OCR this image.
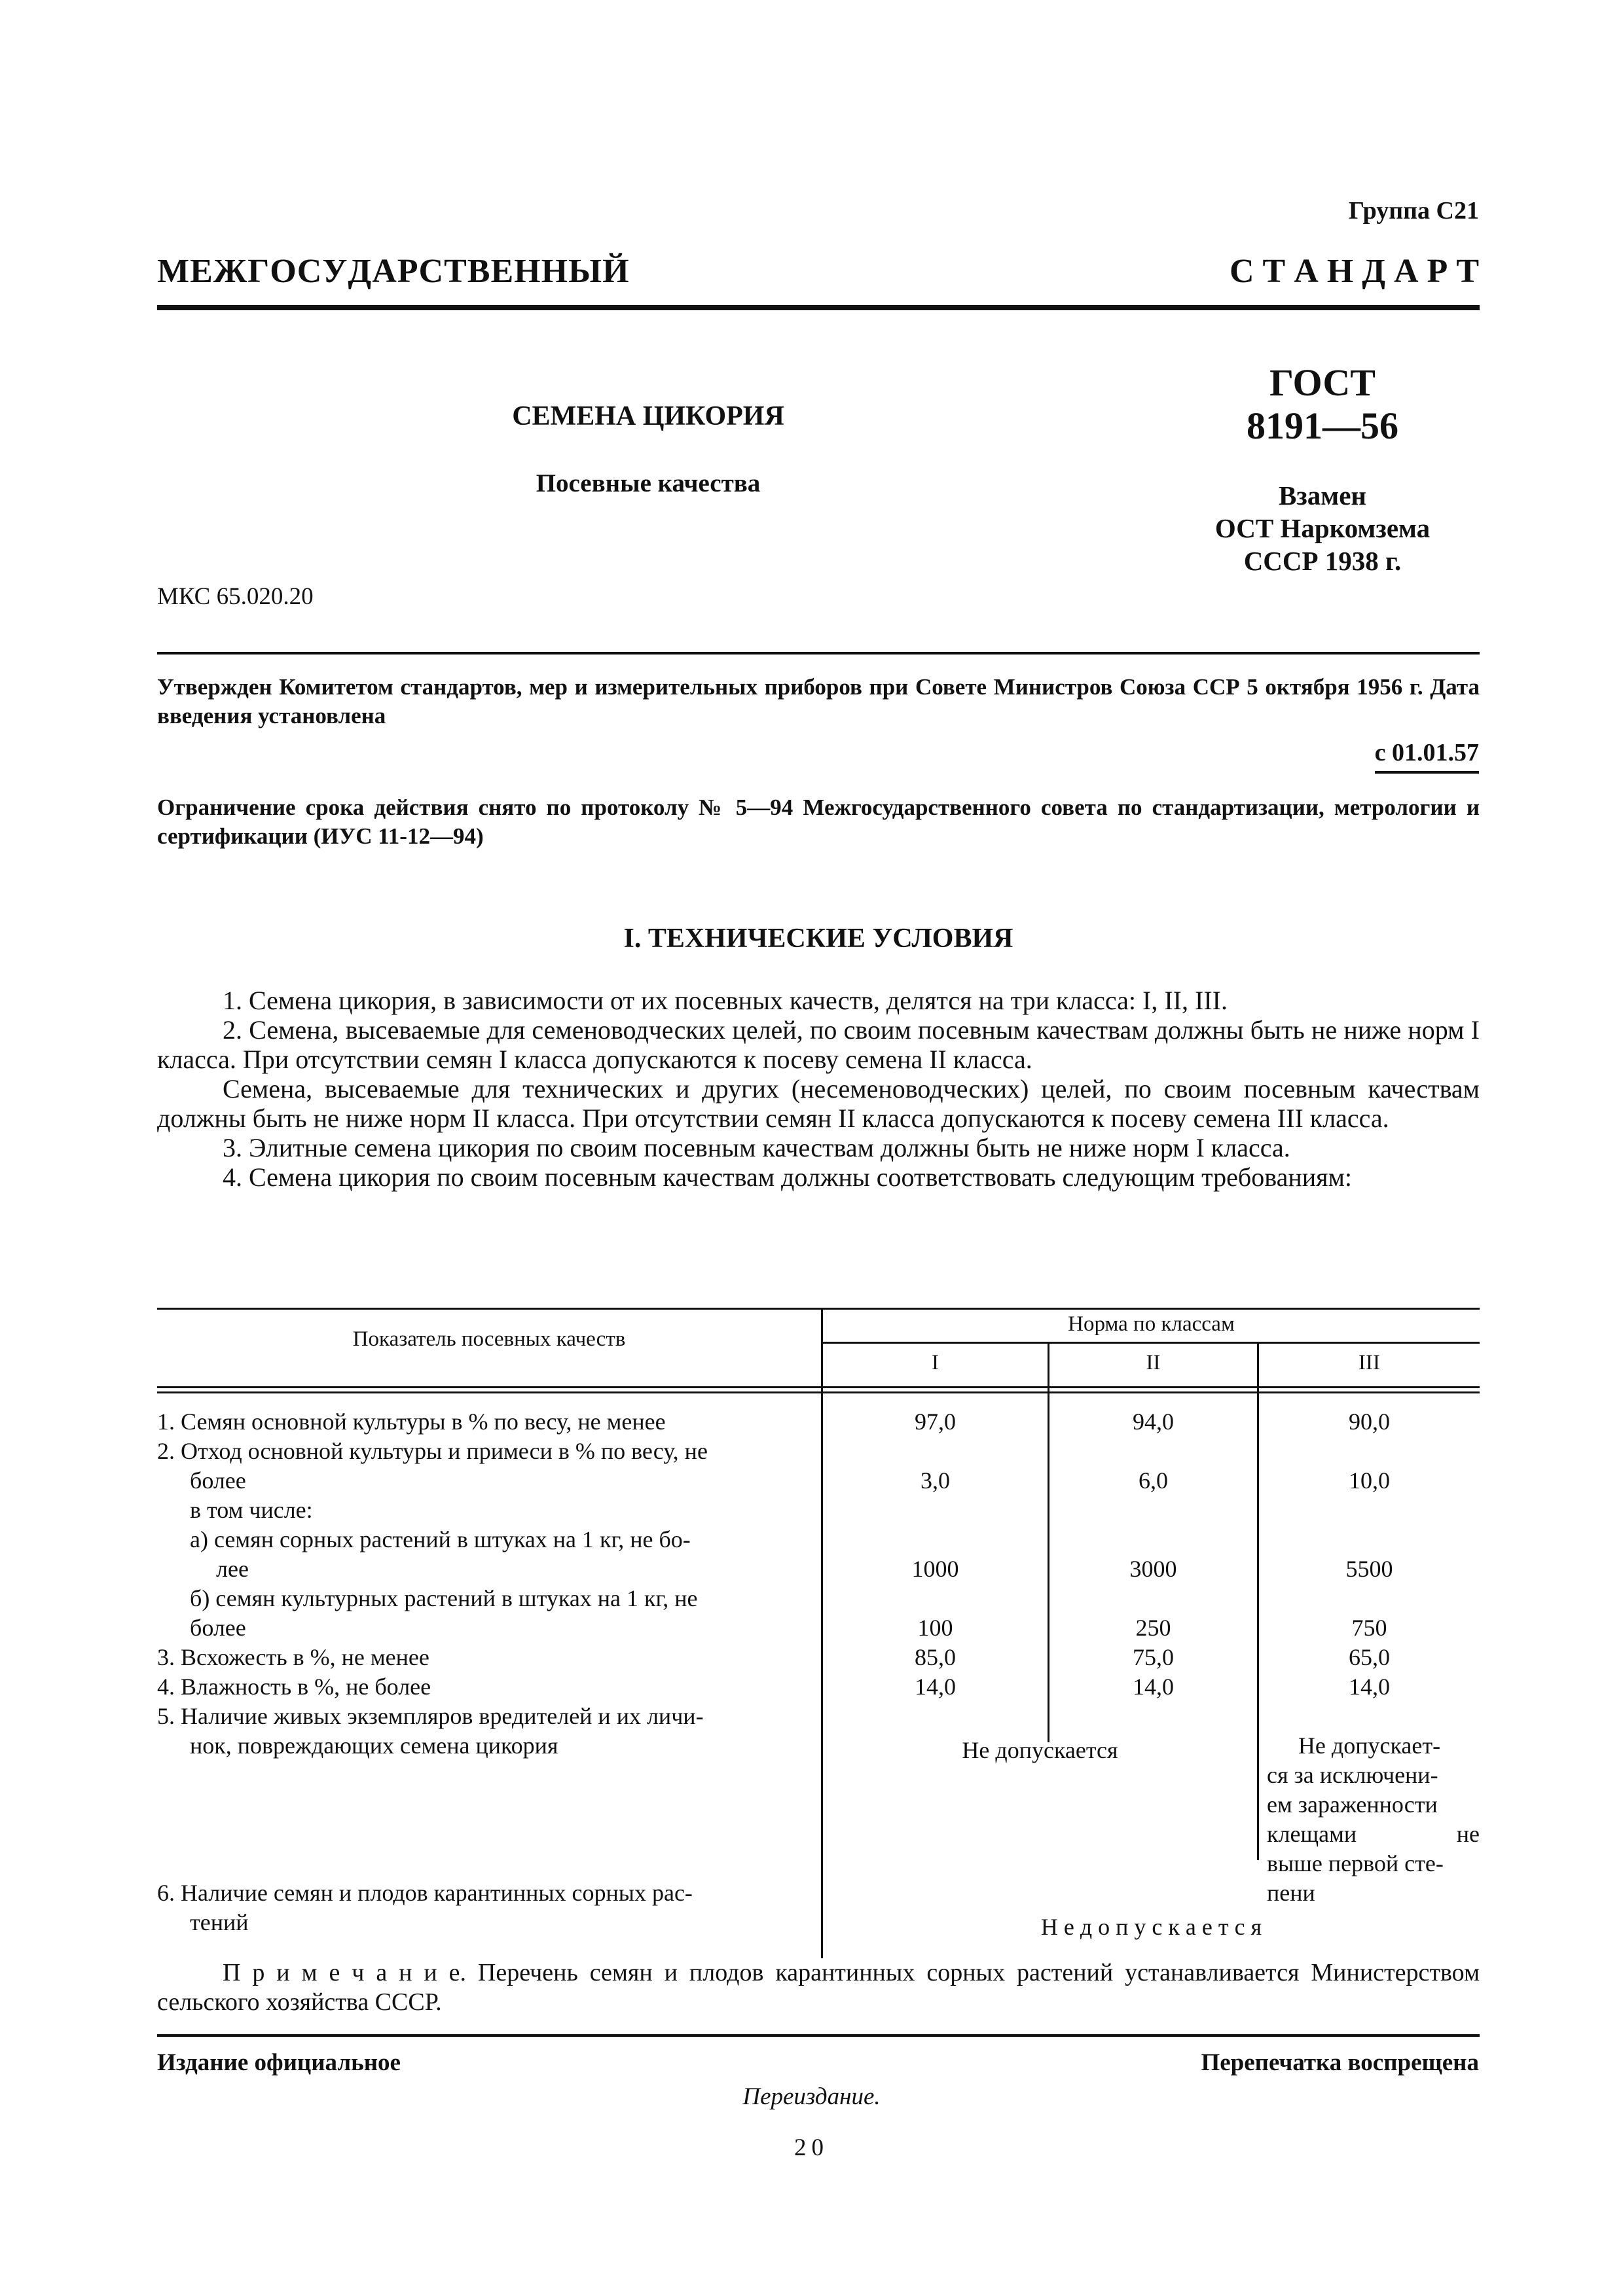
Группа С21
М Е Ж Г О С У Д А Р С Т В Е Н Н Ы Й	С Т А Н Д А Р Т
СЕМЕНА ЦИКОРИЯ
Посевные качества
ГОСТ
8191—56
Взамен
ОСТ Наркомзема
СССР 1938 г.
МКС 65.020.20
Утвержден Комитетом стандартов, мер и измерительных приборов при Совете Министров Союза ССР 5 октября 1956 г. Дата введения установлена
с 01.01.57
Ограничение срока действия снято по протоколу № 5—94 Межгосударственного совета по стандартизации, метрологии и сертификации (ИУС 11-12—94)
I. ТЕХНИЧЕСКИЕ УСЛОВИЯ

1. Семена цикория, в зависимости от их посевных качеств, делятся на три класса: I, II, III.

2. Семена, высеваемые для семеноводческих целей, по своим посевным качествам должны быть не ниже норм I класса. При отсутствии семян I класса допускаются к посеву семена II класса.

Семена, высеваемые для технических и других (несеменоводческих) целей, по своим посевным качествам должны быть не ниже норм II класса. При отсутствии семян II класса допускаются к посеву семена III класса.

3. Элитные семена цикория по своим посевным качествам должны быть не ниже норм I класса.

4. Семена цикория по своим посевным качествам должны соответствовать следующим требованиям:

Показатель посевных качеств
Норма по классам
I	II	III
1. Семян основной культуры в % по весу, не менее	97,0	94,0	90,0
2. Отход основной культуры и примеси в % по весу, не
более	3,0	6,0	10,0
в том числе:
а) семян сорных растений в штуках на 1 кг, не бо-
лее	1000	3000	5500
б) семян культурных растений в штуках на 1 кг, не
более	100	250	750
3. Всхожесть в %, не менее	85,0	75,0	65,0
4. Влажность в %, не более	14,0	14,0	14,0
5. Наличие живых экземпляров вредителей и их личи-
нок, повреждающих семена цикория	Не допускается	Не допускает-
ся за исключени-
ем зараженности
клещами не
выше первой сте-
пени
6. Наличие семян и плодов карантинных сорных рас-
тений	Н е д о п у с к а е т с я
П р и м е ч а н и е. Перечень семян и плодов карантинных сорных растений устанавливается Министерством сельского хозяйства СССР.
Издание официальное	Перепечатка воспрещена
Переиздание.
20
